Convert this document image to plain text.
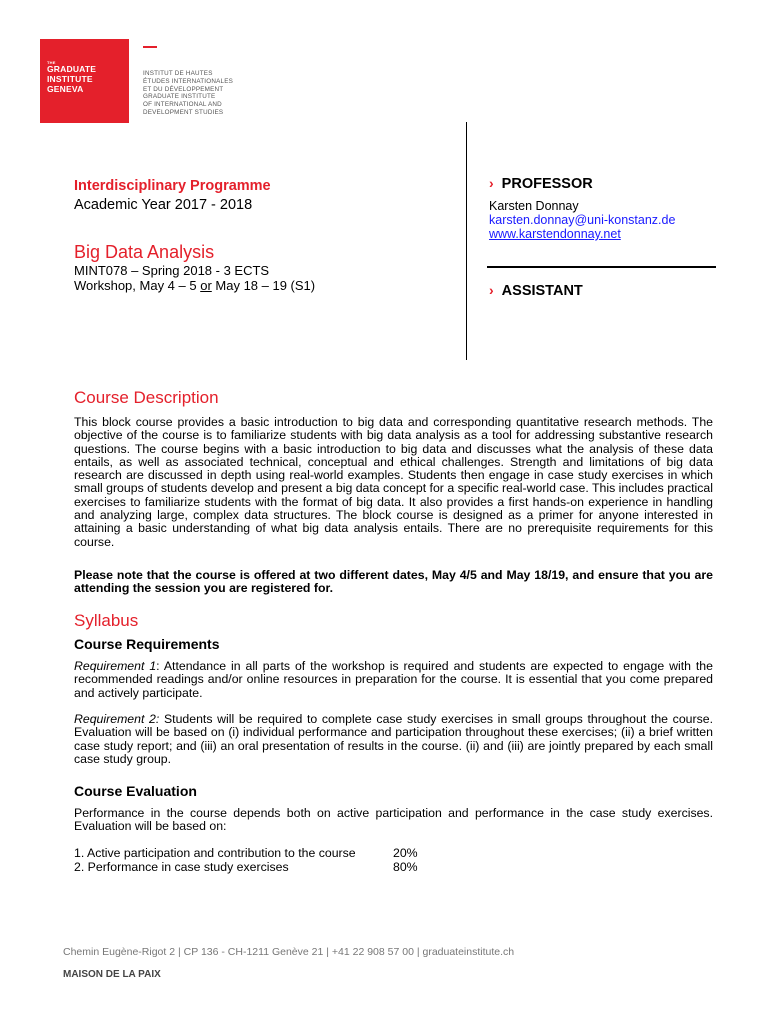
THE
GRADUATE
INSTITUTE
GENEVA
INSTITUT DE HAUTES
ÉTUDES INTERNATIONALES
ET DU DÉVELOPPEMENT
GRADUATE INSTITUTE
OF INTERNATIONAL AND
DEVELOPMENT STUDIES
Interdisciplinary Programme
Academic Year 2017 - 2018
Big Data Analysis
MINT078 – Spring 2018 - 3 ECTS
Workshop, May 4 – 5 or May 18 – 19 (S1)
› PROFESSOR
Karsten Donnay
karsten.donnay@uni-konstanz.de
www.karstendonnay.net
› ASSISTANT
Course Description
This block course provides a basic introduction to big data and corresponding quantitative research methods. The objective of the course is to familiarize students with big data analysis as a tool for addressing substantive research questions. The course begins with a basic introduction to big data and discusses what the analysis of these data entails, as well as associated technical, conceptual and ethical challenges. Strength and limitations of big data research are discussed in depth using real-world examples. Students then engage in case study exercises in which small groups of students develop and present a big data concept for a specific real-world case. This includes practical exercises to familiarize students with the format of big data. It also provides a first hands-on experience in handling and analyzing large, complex data structures. The block course is designed as a primer for anyone interested in attaining a basic understanding of what big data analysis entails. There are no prerequisite requirements for this course.
Please note that the course is offered at two different dates, May 4/5 and May 18/19, and ensure that you are attending the session you are registered for.
Syllabus
Course Requirements
Requirement 1: Attendance in all parts of the workshop is required and students are expected to engage with the recommended readings and/or online resources in preparation for the course. It is essential that you come prepared and actively participate.
Requirement 2: Students will be required to complete case study exercises in small groups throughout the course. Evaluation will be based on (i) individual performance and participation throughout these exercises; (ii) a brief written case study report; and (iii) an oral presentation of results in the course. (ii) and (iii) are jointly prepared by each small case study group.
Course Evaluation
Performance in the course depends both on active participation and performance in the case study exercises. Evaluation will be based on:
1. Active participation and contribution to the course	20%
2. Performance in case study exercises	80%
Chemin Eugène-Rigot 2 | CP 136 - CH-1211 Genève 21 | +41 22 908 57 00 | graduateinstitute.ch
MAISON DE LA PAIX
